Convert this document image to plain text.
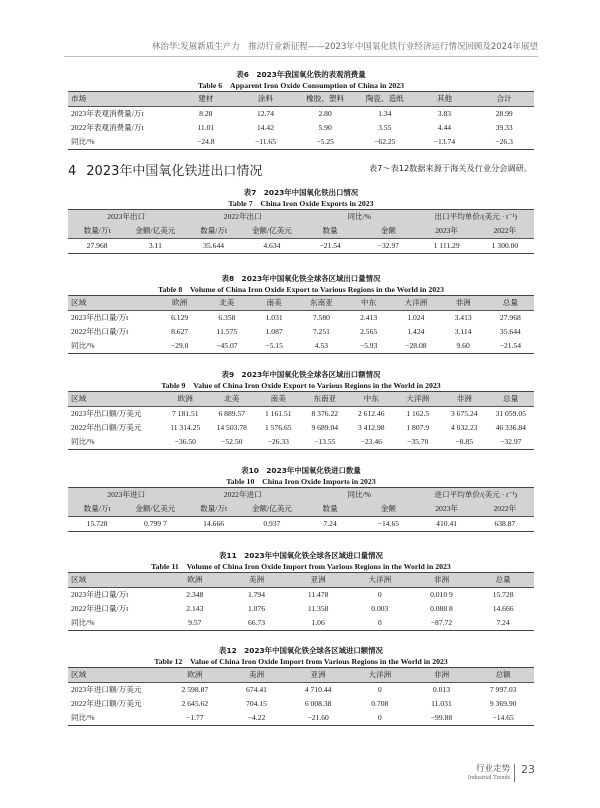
林治华:发展新质生产力　推动行业新征程——2023年中国氧化铁行业经济运行情况回顾及2024年展望
表6　2023年我国氧化铁的表观消费量
Table 6　Apparent Iron Oxide Consumption of China in 2023
市场	建材	涂料	橡胶、塑料	陶瓷、造纸	其他	合计
2023年表观消费量/万t	8.28	12.74	2.80	1.34	3.83	28.99
2022年表观消费量/万t	11.01	14.42	5.90	3.55	4.44	39.33
同比/%	−24.8	−11.65	−5.25	−62.25	−13.74	−26.3
4 2023年中国氧化铁进出口情况	表7～表12数据来源于海关及行业分会调研。
表7　2023年中国氧化铁出口情况
Table 7　China Iron Oxide Exports in 2023
2023年出口		2022年出口		同比/%		出口平均单价/(美元 · t⁻¹)	
数量/万t	金额/亿美元	数量/万t	金额/亿美元	数量	金额	2023年	2022年
27.968	3.11	35.644	4.634	−21.54	−32.97	1 111.29	1 300.00
表8　2023年中国氧化铁全球各区域出口量情况
Table 8　Volume of China Iron Oxide Export to Various Regions in the World in 2023
区域	欧洲	北美	南美	东南亚	中东	大洋洲	非洲	总量
2023年出口量/万t	6.129	6.358	1.031	7.580	2.413	1.024	3.413	27.968
2022年出口量/万t	8.627	11.575	1.087	7.251	2.565	1.424	3.114	35.644
同比/%	−29.0	−45.07	−5.15	4.53	−5.93	−28.08	9.60	−21.54
表9　2023年中国氧化铁全球各区域出口额情况
Table 9　Value of China Iron Oxide Export to Various Regions in the World in 2023
区域	欧洲	北美	南美	东南亚	中东	大洋洲	非洲	总量
2023年出口额/万美元	7 181.51	6 889.57	1 161.51	8 376.22	2 612.46	1 162.5	3 675.24	31 059.05
2022年出口额/万美元	11 314.25	14 503.78	1 576.65	9 689.04	3 412.98	1 807.9	4 032.23	46 336.84
同比/%	−36.50	−52.50	−26.33	−13.55	−23.46	−35.70	−8.85	−32.97
表10　2023年中国氧化铁进口数量
Table 10　China Iron Oxide Imports in 2023
2023年进口		2022年进口		同比/%		进口平均单价/(美元 · t⁻¹)	
数量/万t	金额/亿美元	数量/万t	金额/亿美元	数量	金额	2023年	2022年
15.728	0.799 7	14.666	0.937	7.24	−14.65	410.41	638.87
表11　2023年中国氧化铁全球各区域进口量情况
Table 11　Volume of China Iron Oxide Import from Various Regions in the World in 2023
区域	欧洲	美洲	亚洲	大洋洲	非洲	总量
2023年进口量/万t	2.348	1.794	11.478	0	0.010 9	15.728
2022年进口量/万t	2.143	1.076	11.358	0.003	0.088 8	14.666
同比/%	9.57	66.73	1.06	0	−87.72	7.24
表12　2023年中国氧化铁全球各区域进口额情况
Table 12　Value of China Iron Oxide Import from Various Regions in the World in 2023
区域	欧洲	美洲	亚洲	大洋洲	非洲	总额
2023年进口额/万美元	2 598.87	674.41	4 710.44	0	0.013	7 997.03
2022年进口额/万美元	2 645.62	704.15	6 008.38	0.708	11.031	9 369.90
同比/%	−1.77	−4.22	−21.60	0	−99.88	−14.65
行业走势
Industrial Trends
23
